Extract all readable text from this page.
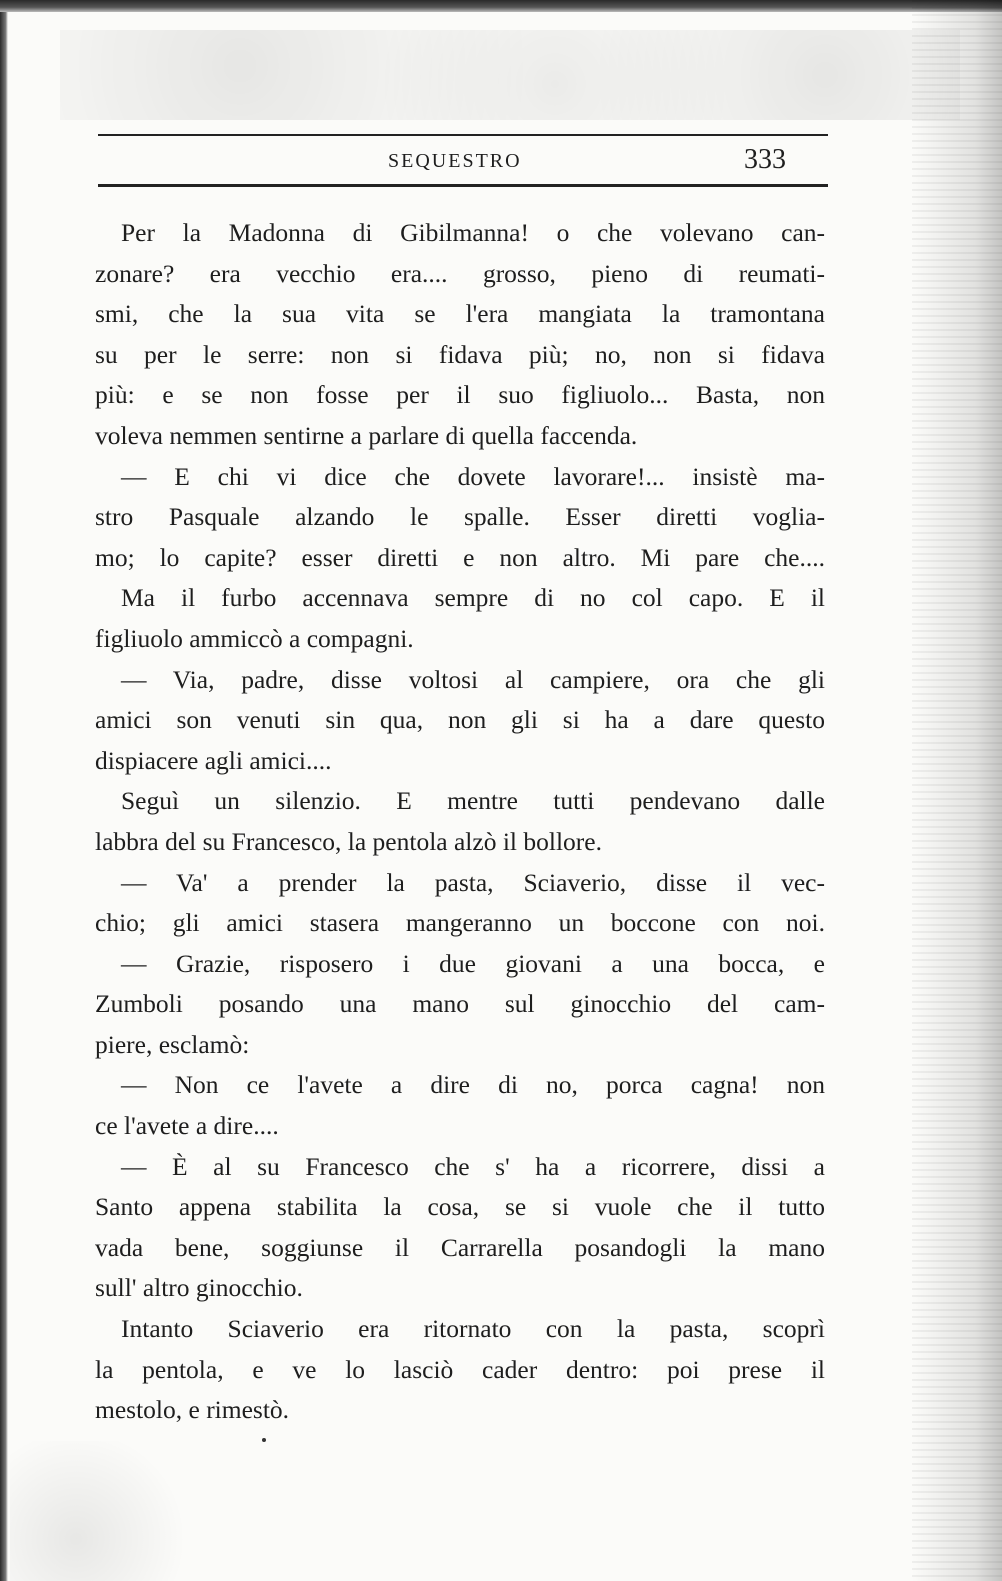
SEQUESTRO	333
Per la Madonna di Gibilmanna! o che volevano can-
zonare? era vecchio era.... grosso, pieno di reumati-
smi, che la sua vita se l'era mangiata la tramontana
su per le serre: non si fidava più; no, non si fidava
più: e se non fosse per il suo figliuolo... Basta, non
voleva nemmen sentirne a parlare di quella faccenda.
— E chi vi dice che dovete lavorare!... insistè ma-
stro Pasquale alzando le spalle. Esser diretti voglia-
mo; lo capite? esser diretti e non altro. Mi pare che....
Ma il furbo accennava sempre di no col capo. E il
figliuolo ammiccò a compagni.
— Via, padre, disse voltosi al campiere, ora che gli
amici son venuti sin qua, non gli si ha a dare questo
dispiacere agli amici....
Seguì un silenzio. E mentre tutti pendevano dalle
labbra del su Francesco, la pentola alzò il bollore.
— Va' a prender la pasta, Sciaverio, disse il vec-
chio; gli amici stasera mangeranno un boccone con noi.
— Grazie, risposero i due giovani a una bocca, e
Zumboli posando una mano sul ginocchio del cam-
piere, esclamò:
— Non ce l'avete a dire di no, porca cagna! non
ce l'avete a dire....
— È al su Francesco che s' ha a ricorrere, dissi a
Santo appena stabilita la cosa, se si vuole che il tutto
vada bene, soggiunse il Carrarella posandogli la mano
sull' altro ginocchio.
Intanto Sciaverio era ritornato con la pasta, scoprì
la pentola, e ve lo lasciò cader dentro: poi prese il
mestolo, e rimestò.
